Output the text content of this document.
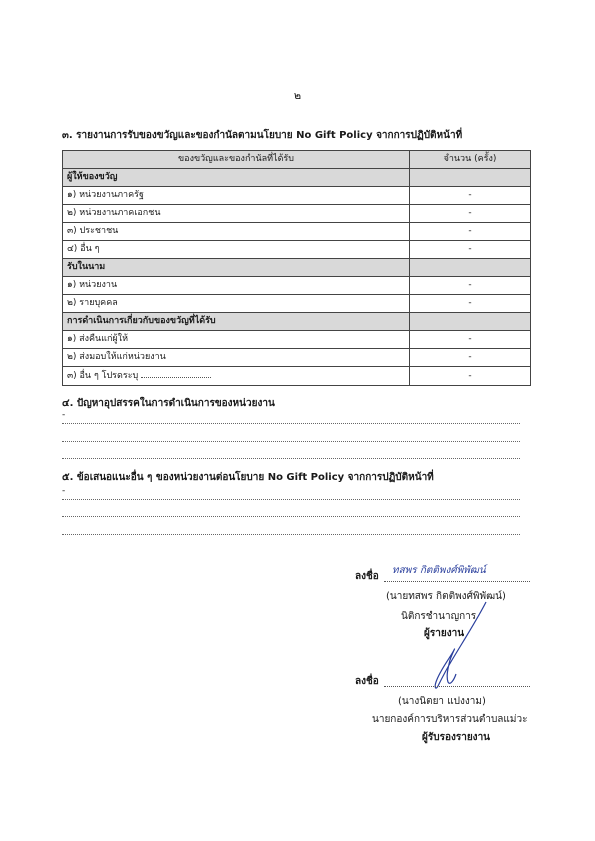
๒
๓. รายงานการรับของขวัญและของกำนัลตามนโยบาย No Gift Policy จากการปฏิบัติหน้าที่
ของขวัญและของกำนัลที่ได้รับ	จำนวน (ครั้ง)
ผู้ให้ของขวัญ	
๑) หน่วยงานภาครัฐ	-
๒) หน่วยงานภาคเอกชน	-
๓) ประชาชน	-
๔) อื่น ๆ	-
รับในนาม	
๑) หน่วยงาน	-
๒) รายบุคคล	-
การดำเนินการเกี่ยวกับของขวัญที่ได้รับ	
๑) ส่งคืนแก่ผู้ให้	-
๒) ส่งมอบให้แก่หน่วยงาน	-
๓) อื่น ๆ โปรดระบุ	-
๔. ปัญหาอุปสรรคในการดำเนินการของหน่วยงาน
-
๕. ข้อเสนอแนะอื่น ๆ ของหน่วยงานต่อนโยบาย No Gift Policy จากการปฏิบัติหน้าที่
-
ลงชื่อ
ทสพร กิตติพงศ์พิพัฒน์
(นายทสพร กิตติพงศ์พิพัฒน์)
นิติกรชำนาญการ
ผู้รายงาน
ลงชื่อ
(นางนิตยา แปงงาม)
นายกองค์การบริหารส่วนตำบลแม่วะ
ผู้รับรองรายงาน
